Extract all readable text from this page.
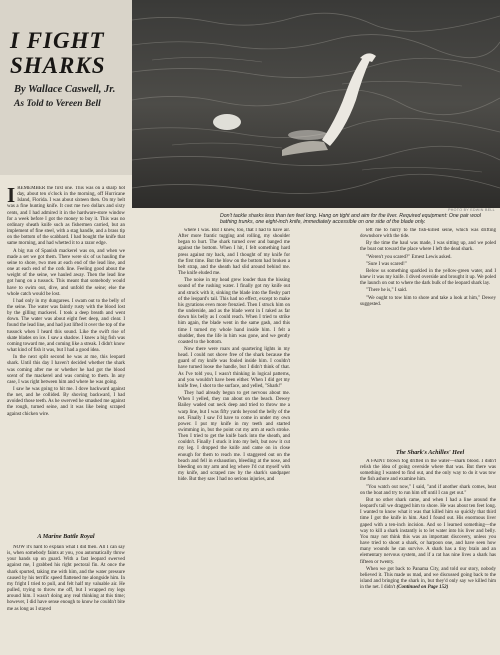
I FIGHT SHARKS
By Wallace Caswell, Jr.
As Told to Vereen Bell
PHOTO BY EDWIN BELL
Don't tackle sharks less than ten feet long. Hang on tight and aim for the liver. Required equipment: One pair wool bathing trunks, one eight-inch knife, immediately accessible on one side of the blade only.

IREMEMBER the first one. This was on a sharp hot day, about ten o'clock in the morning, off Hurricane Island, Florida. I was about sixteen then. On my belt was a fine hunting knife. It cost me two dollars and sixty cents, and I had admired it in the hardware-store window for a week before I got the money to buy it. This was no ordinary sheath knife such as fishermen carried, but an implement of fine steel, with a stag handle, and a brass tip on the bottom of the scabbard. I had bought the knife that same morning, and had whetted it to a razor edge.

A big run of Spanish mackerel was on, and when we made a set we got them. There were six of us hauling the seine to shore, two men at each end of the lead line, and one at each end of the cork line. Feeling good about the weight of the seine, we hauled away. Then the lead line got hung on a tussock. This meant that somebody would have to swim out, dive, and unfold the seine; else the whole catch would be lost.

I had only in my dungarees. I swam out to the belly of the seine. The water was faintly rusty with the blood lost by the gilling mackerel. I took a deep breath and went down. The water was about eight feet deep, and clear. I found the lead line, and had just lifted it over the top of the tussock when I heard this sound. Like the swift rise of skate blades on ice. I saw a shadow. I knew a big fish was coming toward me, and coming like a streak. I didn't know what kind of fish it was, but I had a good idea.

In the next split second he was at me, this leopard shark. Until this day I haven't decided whether the shark was coming after me or whether he had got the blood scent of the mackerel and was coming to them. In any case, I was right between him and where he was going.

I saw he was going to hit me. I dove backward against the net, and he collided. By shoving backward, I had avoided those teeth. As he swerved he smashed me against the rough, turned seine, and it was like being scraped against chicken wire.

A Marine Battle Royal

NOW it's hard to explain what I did then. All I can say is, when somebody faints at you, you automatically throw your hands up on guard. With a fast leopard swerved against me, I grabbed his right pectoral fin. At once the shark spurted, taking me with him, and the water pressure caused by his terrific speed flattened me alongside him. In my fright I tried to pull, and felt half my valuable air. He pulled, trying to throw me off, but I wrapped my legs around him. I wasn't doing any real thinking at this time; however, I did have sense enough to know he couldn't bite me as long as I stayed

where I was. But I knew, too, that I had to have air. After more frantic tugging and rolling, my shoulder began to hurt. The shark turned over and banged me against the bottom. When I hit, I felt something hard press against my back, and I thought of my knife for the first time. But the blow on the bottom had broken a belt strap, and the sheath had slid around behind me. The knife eluded me.

The noise in my head grew louder than the hissing sound of the rushing water. I finally got my knife out and struck with it, sinking the blade into the fleshy part of the leopard's tail. This had no effect, except to make his gyrations even more frenzied. Then I struck him on the underside, and as the blade went in I raked as far down his belly as I could reach. When I tried to strike him again, the blade went in the same gash, and this time I turned my whole hand inside him. I felt a shudder, then the life in him was gone, and we gently coasted to the bottom.

Now there were roars and quartering lights in my head. I could not shove free of the shark because the guard of my knife was fouled inside him. I couldn't have turned loose the handle, but I didn't think of that. As I've told you, I wasn't thinking in logical patterns, and you wouldn't have been either. When I did get my knife free, I shot to the surface, and yelled, "Shark!"

They had already begun to get nervous about me. When I yelled, they ran about on the beach. Dewey Bailey waded out neck deep and tried to throw me a warp line, but I was fifty yards beyond the belly of the net. Finally I saw I'd have to come in under my own power. I put my knife in my teeth and started swimming in, but the point cut my arm at each stroke. Then I tried to get the knife back into the sheath, and couldn't. Finally I stuck it into my belt, but now it cut my leg. I dropped the knife and came on in close enough for them to reach me. I staggered out on the beach and fell in exhaustion, bleeding at the nose, and bleeding on my arm and leg where I'd cut myself with my knife, and scraped raw by the shark's sandpaper hide. But they saw I had no serious injuries, and

left me to hurry to the fish-killed seine, which was drifting downshore with the tide.

By the time the haul was made, I was sitting up, and we poled the boat out toward the place where I left the dead shark.

"Weren't you scared?" Ernest Lewis asked.

"Sure I was scared!"

Below us something sparkled in the yellow-green water, and I knew it was my knife. I dived overside and brought it up. We poled the launch on out to where the dark bulk of the leopard shark lay.

"There he is," I said.

"We ought to tow him to shore and take a look at him," Dewey suggested.

The Shark's Achilles' Heel

A FAINT brown fog drifted in the water—shark blood. I didn't relish the idea of going overside where that was. But there was something I wanted to find out, and the only way to do it was tow the fish ashore and examine him.

"You watch out now," I said, "and if another shark comes, beat on the boat and try to run him off until I can get out."

But no other shark came, and when I had a line around the leopard's tail we dragged him to shore. He was about ten feet long. I wanted to know what it was that killed him so quickly that third time I got the knife in him. And I found out. His enormous liver gaped with a ten-inch incision. And so I learned something—the way to kill a shark instantly is to let water into his liver and belly. You may not think this was an important discovery, unless you have tried to shoot a shark, or harpoon one, and have seen how many wounds he can survive. A shark has a tiny brain and an elementary nervous system, and if a rat has nine lives a shark has fifteen or twenty.

When we got back to Panama City, and told our story, nobody believed it. This made us mad, and we discussed going back to the island and bringing the shark in, but they'd only say we killed him in the net. I didn't (Continued on Page 152)
